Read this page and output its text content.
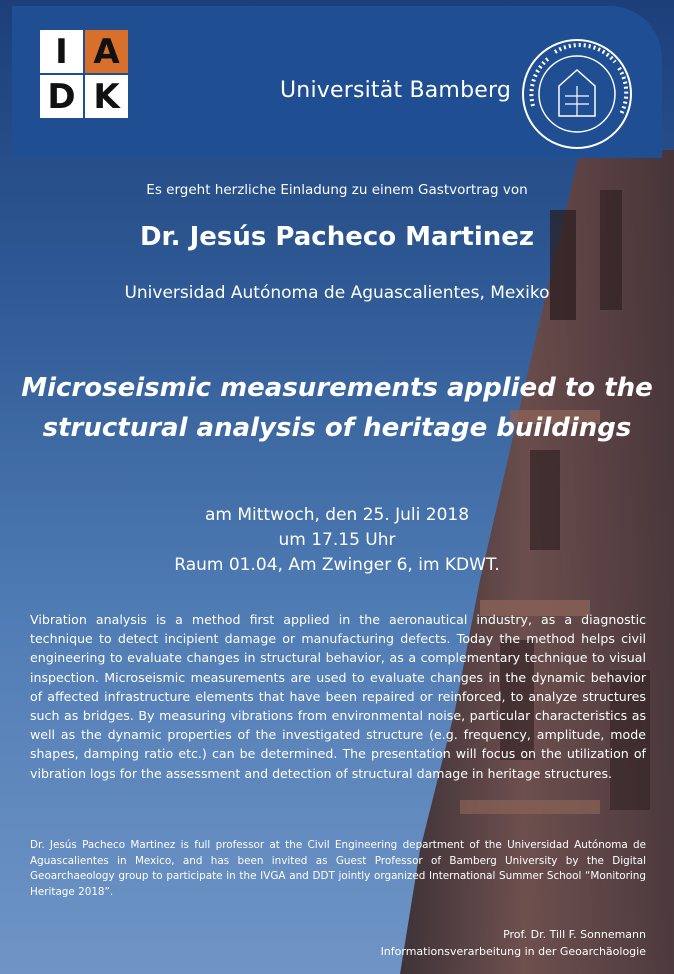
I A
D K	Universität Bamberg
Es ergeht herzliche Einladung zu einem Gastvortrag von
Dr. Jesús Pacheco Martinez
Universidad Autónoma de Aguascalientes, Mexiko
Microseismic measurements applied to the
structural analysis of heritage buildings
am Mittwoch, den 25. Juli 2018
um 17.15 Uhr
Raum 01.04, Am Zwinger 6, im KDWT.
Vibration analysis is a method first applied in the aeronautical industry, as a diagnostic technique to detect incipient damage or manufacturing defects. Today the method helps civil engineering to evaluate changes in structural behavior, as a complementary technique to visual inspection. Microseismic measurements are used to evaluate changes in the dynamic behavior of affected infrastructure elements that have been repaired or reinforced, to analyze structures such as bridges. By measuring vibrations from environmental noise, particular characteristics as well as the dynamic properties of the investigated structure (e.g. frequency, amplitude, mode shapes, damping ratio etc.) can be determined. The presentation will focus on the utilization of vibration logs for the assessment and detection of structural damage in heritage structures.
Dr. Jesús Pacheco Martinez is full professor at the Civil Engineering department of the Universidad Autónoma de Aguascalientes in Mexico, and has been invited as Guest Professor of Bamberg University by the Digital Geoarchaeology group to participate in the IVGA and DDT jointly organized International Summer School “Monitoring Heritage 2018”.
Prof. Dr. Till F. Sonnemann
Informationsverarbeitung in der Geoarchäologie
